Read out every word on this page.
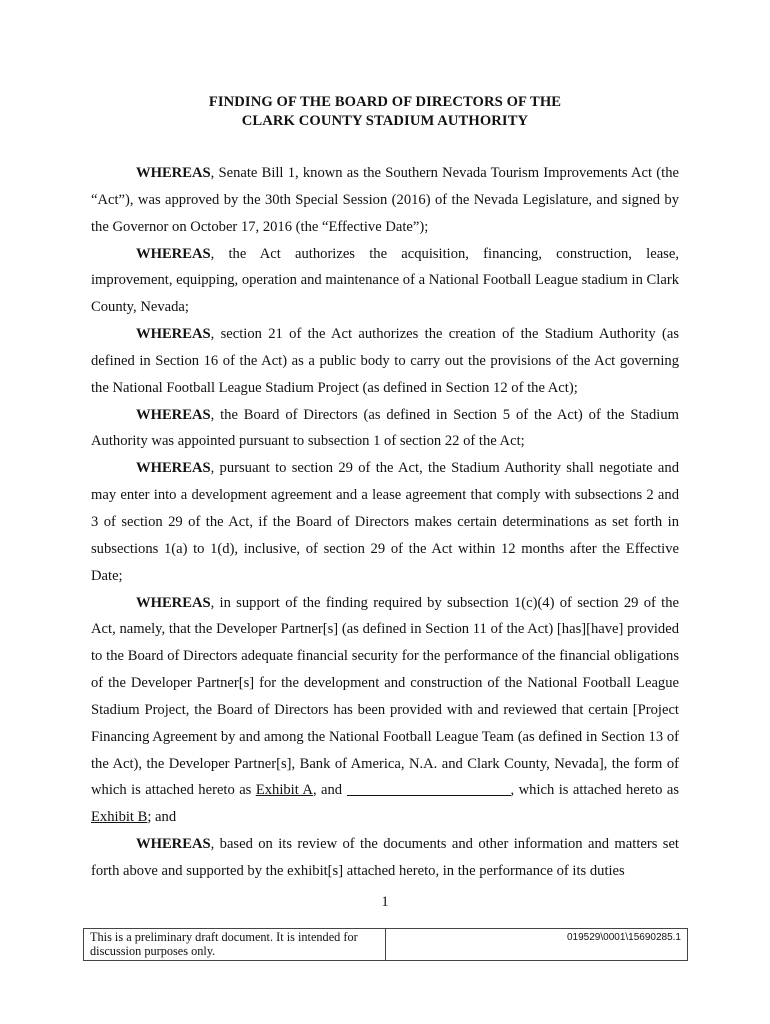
FINDING OF THE BOARD OF DIRECTORS OF THE
CLARK COUNTY STADIUM AUTHORITY

WHEREAS, Senate Bill 1, known as the Southern Nevada Tourism Improvements Act (the “Act”), was approved by the 30th Special Session (2016) of the Nevada Legislature, and signed by the Governor on October 17, 2016 (the “Effective Date”);

WHEREAS, the Act authorizes the acquisition, financing, construction, lease, improvement, equipping, operation and maintenance of a National Football League stadium in Clark County, Nevada;

WHEREAS, section 21 of the Act authorizes the creation of the Stadium Authority (as defined in Section 16 of the Act) as a public body to carry out the provisions of the Act governing the National Football League Stadium Project (as defined in Section 12 of the Act);

WHEREAS, the Board of Directors (as defined in Section 5 of the Act) of the Stadium Authority was appointed pursuant to subsection 1 of section 22 of the Act;

WHEREAS, pursuant to section 29 of the Act, the Stadium Authority shall negotiate and may enter into a development agreement and a lease agreement that comply with subsections 2 and 3 of section 29 of the Act, if the Board of Directors makes certain determinations as set forth in subsections 1(a) to 1(d), inclusive, of section 29 of the Act within 12 months after the Effective Date;

WHEREAS, in support of the finding required by subsection 1(c)(4) of section 29 of the Act, namely, that the Developer Partner[s] (as defined in Section 11 of the Act) [has][have] provided to the Board of Directors adequate financial security for the performance of the financial obligations of the Developer Partner[s] for the development and construction of the National Football League Stadium Project, the Board of Directors has been provided with and reviewed that certain [Project Financing Agreement by and among the National Football League Team (as defined in Section 13 of the Act), the Developer Partner[s], Bank of America, N.A. and Clark County, Nevada], the form of which is attached hereto as Exhibit A, and	, which is attached hereto as Exhibit B; and

WHEREAS, based on its review of the documents and other information and matters set forth above and supported by the exhibit[s] attached hereto, in the performance of its duties

1
This is a preliminary draft document. It is intended for discussion purposes only.
019529\0001\15690285.1
